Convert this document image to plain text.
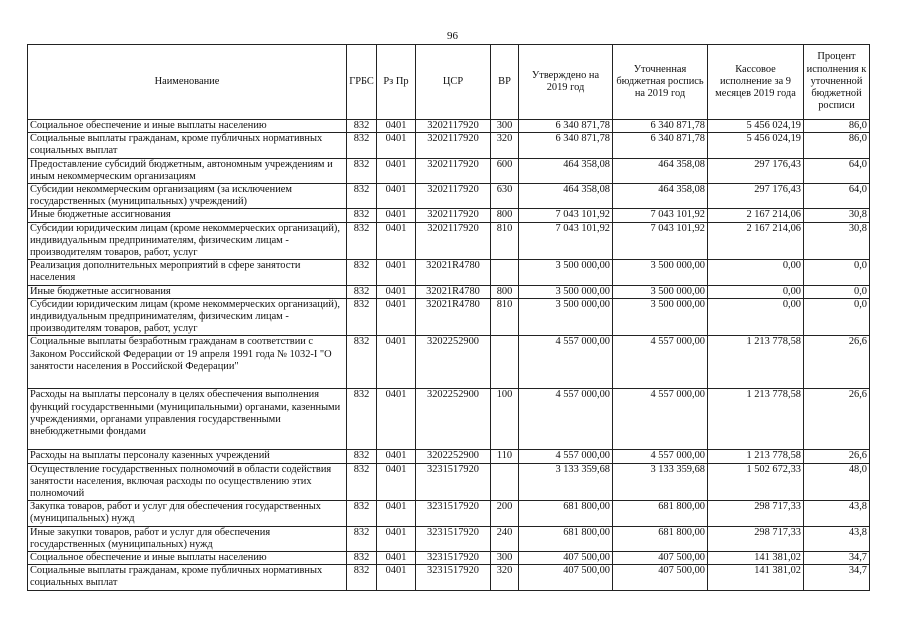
96
Наименование	ГРБС	Рз Пр	ЦСР	ВР	Утверждено на 2019 год	Уточненная бюджетная роспись на 2019 год	Кассовое исполнение за 9 месяцев 2019 года	Процент исполнения к уточненной бюджетной росписи
Социальное обеспечение и иные выплаты населению	832	0401	3202117920	300	6 340 871,78	6 340 871,78	5 456 024,19	86,0
Социальные выплаты гражданам, кроме публичных нормативных социальных выплат	832	0401	3202117920	320	6 340 871,78	6 340 871,78	5 456 024,19	86,0
Предоставление субсидий бюджетным, автономным учреждениям и иным некоммерческим организациям	832	0401	3202117920	600	464 358,08	464 358,08	297 176,43	64,0
Субсидии некоммерческим организациям (за исключением государственных (муниципальных) учреждений)	832	0401	3202117920	630	464 358,08	464 358,08	297 176,43	64,0
Иные бюджетные ассигнования	832	0401	3202117920	800	7 043 101,92	7 043 101,92	2 167 214,06	30,8
Субсидии юридическим лицам (кроме некоммерческих организаций), индивидуальным предпринимателям, физическим лицам - производителям товаров, работ, услуг	832	0401	3202117920	810	7 043 101,92	7 043 101,92	2 167 214,06	30,8
Реализация дополнительных мероприятий в сфере занятости населения	832	0401	32021R4780		3 500 000,00	3 500 000,00	0,00	0,0
Иные бюджетные ассигнования	832	0401	32021R4780	800	3 500 000,00	3 500 000,00	0,00	0,0
Субсидии юридическим лицам (кроме некоммерческих организаций), индивидуальным предпринимателям, физическим лицам - производителям товаров, работ, услуг	832	0401	32021R4780	810	3 500 000,00	3 500 000,00	0,00	0,0
Социальные выплаты безработным гражданам в соответствии с Законом Российской Федерации от 19 апреля 1991 года № 1032-I "О занятости населения в Российской Федерации"	832	0401	3202252900		4 557 000,00	4 557 000,00	1 213 778,58	26,6
Расходы на выплаты персоналу в целях обеспечения выполнения функций государственными (муниципальными) органами, казенными учреждениями, органами управления государственными внебюджетными фондами	832	0401	3202252900	100	4 557 000,00	4 557 000,00	1 213 778,58	26,6
Расходы на выплаты персоналу казенных учреждений	832	0401	3202252900	110	4 557 000,00	4 557 000,00	1 213 778,58	26,6
Осуществление государственных полномочий в области содействия занятости населения, включая расходы по осуществлению этих полномочий	832	0401	3231517920		3 133 359,68	3 133 359,68	1 502 672,33	48,0
Закупка товаров, работ и услуг для обеспечения государственных (муниципальных) нужд	832	0401	3231517920	200	681 800,00	681 800,00	298 717,33	43,8
Иные закупки товаров, работ и услуг для обеспечения государственных (муниципальных) нужд	832	0401	3231517920	240	681 800,00	681 800,00	298 717,33	43,8
Социальное обеспечение и иные выплаты населению	832	0401	3231517920	300	407 500,00	407 500,00	141 381,02	34,7
Социальные выплаты гражданам, кроме публичных нормативных социальных выплат	832	0401	3231517920	320	407 500,00	407 500,00	141 381,02	34,7
